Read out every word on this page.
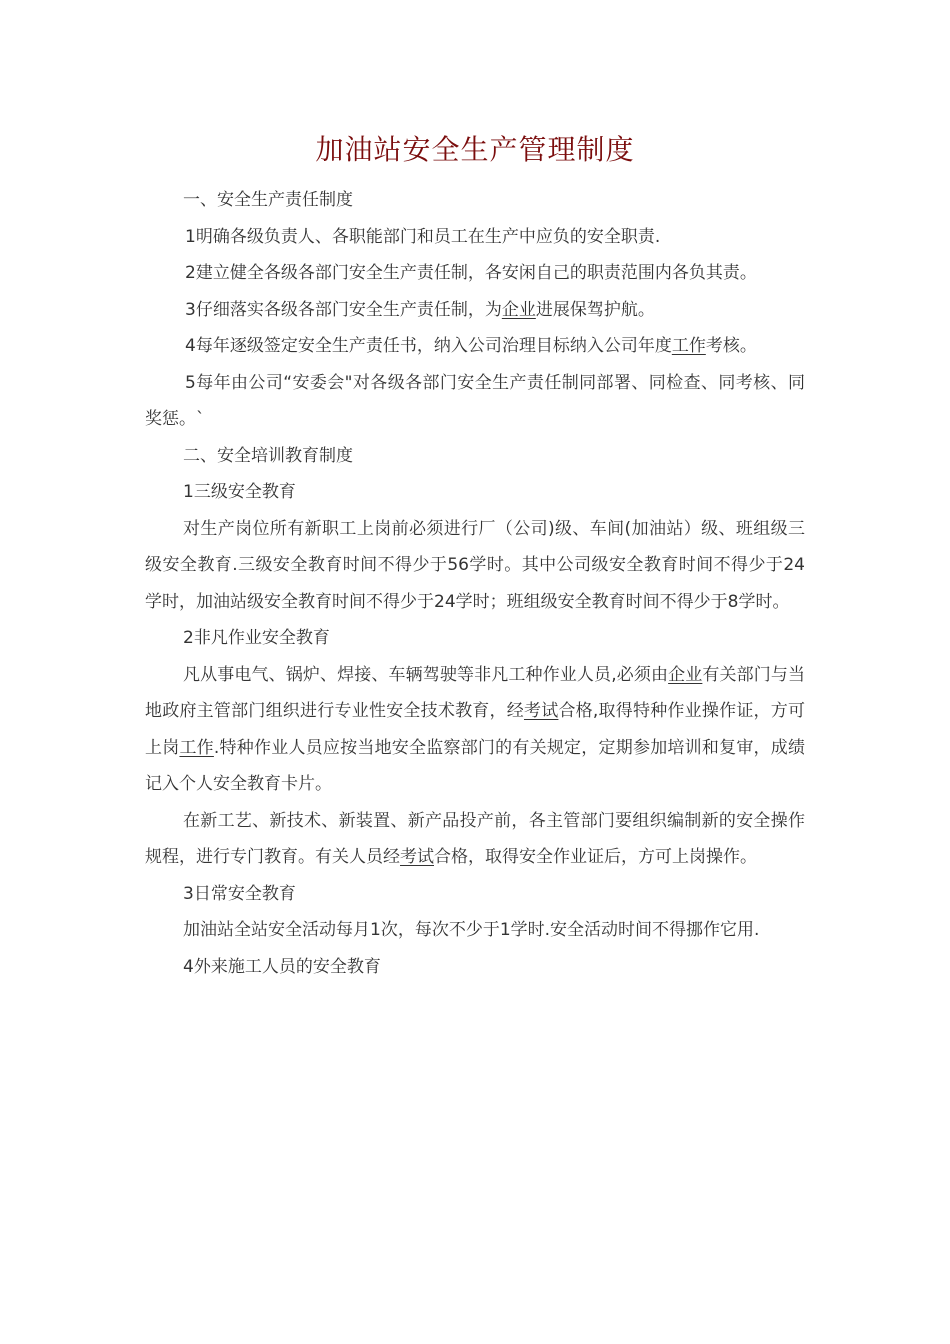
加油站安全生产管理制度

一、安全生产责任制度

1明确各级负责人、各职能部门和员工在生产中应负的安全职责.

2建立健全各级各部门安全生产责任制，各安闲自己的职责范围内各负其责。

3仔细落实各级各部门安全生产责任制，为企业进展保驾护航。

4每年逐级签定安全生产责任书，纳入公司治理目标纳入公司年度工作考核。

5每年由公司“安委会"对各级各部门安全生产责任制同部署、同检查、同考核、同奖惩。`

二、安全培训教育制度

1三级安全教育

对生产岗位所有新职工上岗前必须进行厂（公司)级、车间(加油站）级、班组级三级安全教育.三级安全教育时间不得少于56学时。其中公司级安全教育时间不得少于24学时，加油站级安全教育时间不得少于24学时；班组级安全教育时间不得少于8学时。

2非凡作业安全教育

凡从事电气、锅炉、焊接、车辆驾驶等非凡工种作业人员,必须由企业有关部门与当地政府主管部门组织进行专业性安全技术教育，经考试合格,取得特种作业操作证，方可上岗工作.特种作业人员应按当地安全监察部门的有关规定，定期参加培训和复审，成绩记入个人安全教育卡片。

在新工艺、新技术、新装置、新产品投产前，各主管部门要组织编制新的安全操作规程，进行专门教育。有关人员经考试合格，取得安全作业证后，方可上岗操作。

3日常安全教育

加油站全站安全活动每月1次，每次不少于1学时.安全活动时间不得挪作它用.

4外来施工人员的安全教育
